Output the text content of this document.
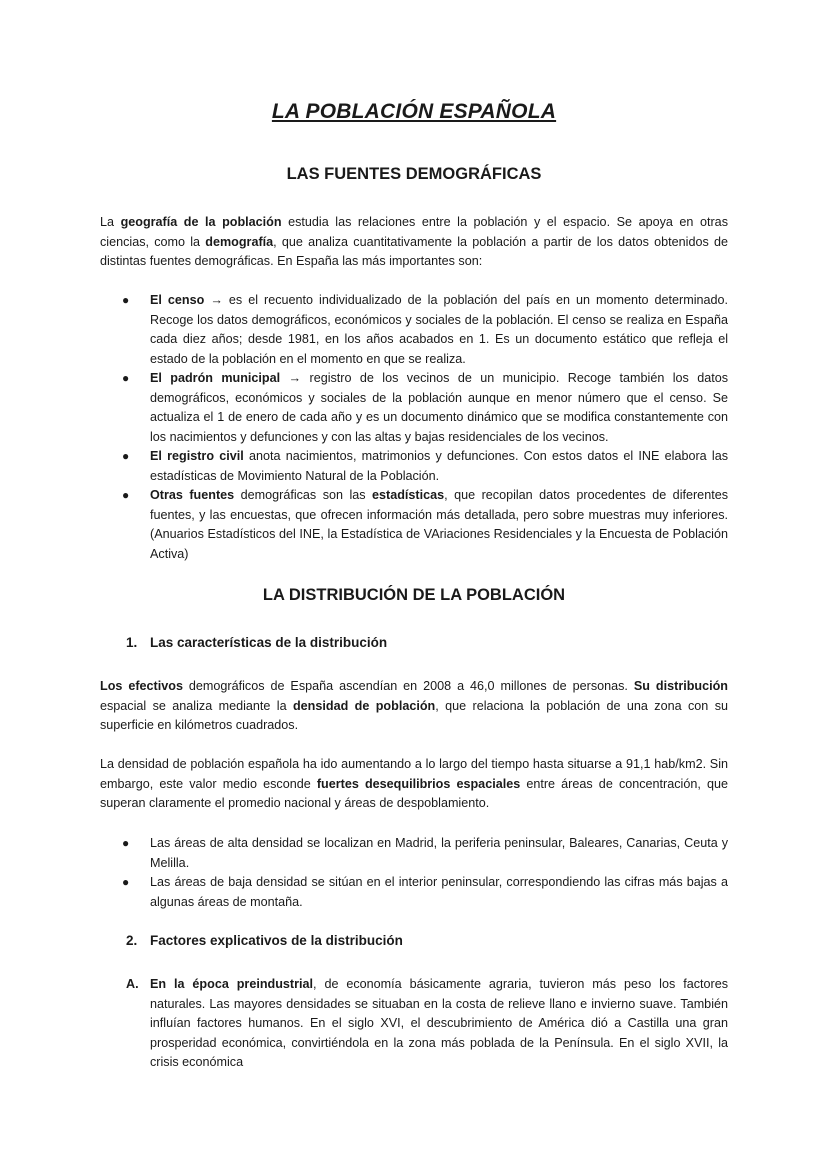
LA POBLACIÓN ESPAÑOLA
LAS FUENTES DEMOGRÁFICAS

La geografía de la población estudia las relaciones entre la población y el espacio. Se apoya en otras ciencias, como la demografía, que analiza cuantitativamente la población a partir de los datos obtenidos de distintas fuentes demográficas. En España las más importantes son:

● El censo → es el recuento individualizado de la población del país en un momento determinado. Recoge los datos demográficos, económicos y sociales de la población. El censo se realiza en España cada diez años; desde 1981, en los años acabados en 1. Es un documento estático que refleja el estado de la población en el momento en que se realiza.
● El padrón municipal → registro de los vecinos de un municipio. Recoge también los datos demográficos, económicos y sociales de la población aunque en menor número que el censo. Se actualiza el 1 de enero de cada año y es un documento dinámico que se modifica constantemente con los nacimientos y defunciones y con las altas y bajas residenciales de los vecinos.
● El registro civil anota nacimientos, matrimonios y defunciones. Con estos datos el INE elabora las estadísticas de Movimiento Natural de la Población.
● Otras fuentes demográficas son las estadísticas, que recopilan datos procedentes de diferentes fuentes, y las encuestas, que ofrecen información más detallada, pero sobre muestras muy inferiores. (Anuarios Estadísticos del INE, la Estadística de VAriaciones Residenciales y la Encuesta de Población Activa)
LA DISTRIBUCIÓN DE LA POBLACIÓN
1. Las características de la distribución

Los efectivos demográficos de España ascendían en 2008 a 46,0 millones de personas. Su distribución espacial se analiza mediante la densidad de población, que relaciona la población de una zona con su superficie en kilómetros cuadrados.

La densidad de población española ha ido aumentando a lo largo del tiempo hasta situarse a 91,1 hab/km2. Sin embargo, este valor medio esconde fuertes desequilibrios espaciales entre áreas de concentración, que superan claramente el promedio nacional y áreas de despoblamiento.

● Las áreas de alta densidad se localizan en Madrid, la periferia peninsular, Baleares, Canarias, Ceuta y Melilla.
● Las áreas de baja densidad se sitúan en el interior peninsular, correspondiendo las cifras más bajas a algunas áreas de montaña.
2. Factores explicativos de la distribución
A. En la época preindustrial, de economía básicamente agraria, tuvieron más peso los factores naturales. Las mayores densidades se situaban en la costa de relieve llano e invierno suave. También influían factores humanos. En el siglo XVI, el descubrimiento de América dió a Castilla una gran prosperidad económica, convirtiéndola en la zona más poblada de la Península. En el siglo XVII, la crisis económica
